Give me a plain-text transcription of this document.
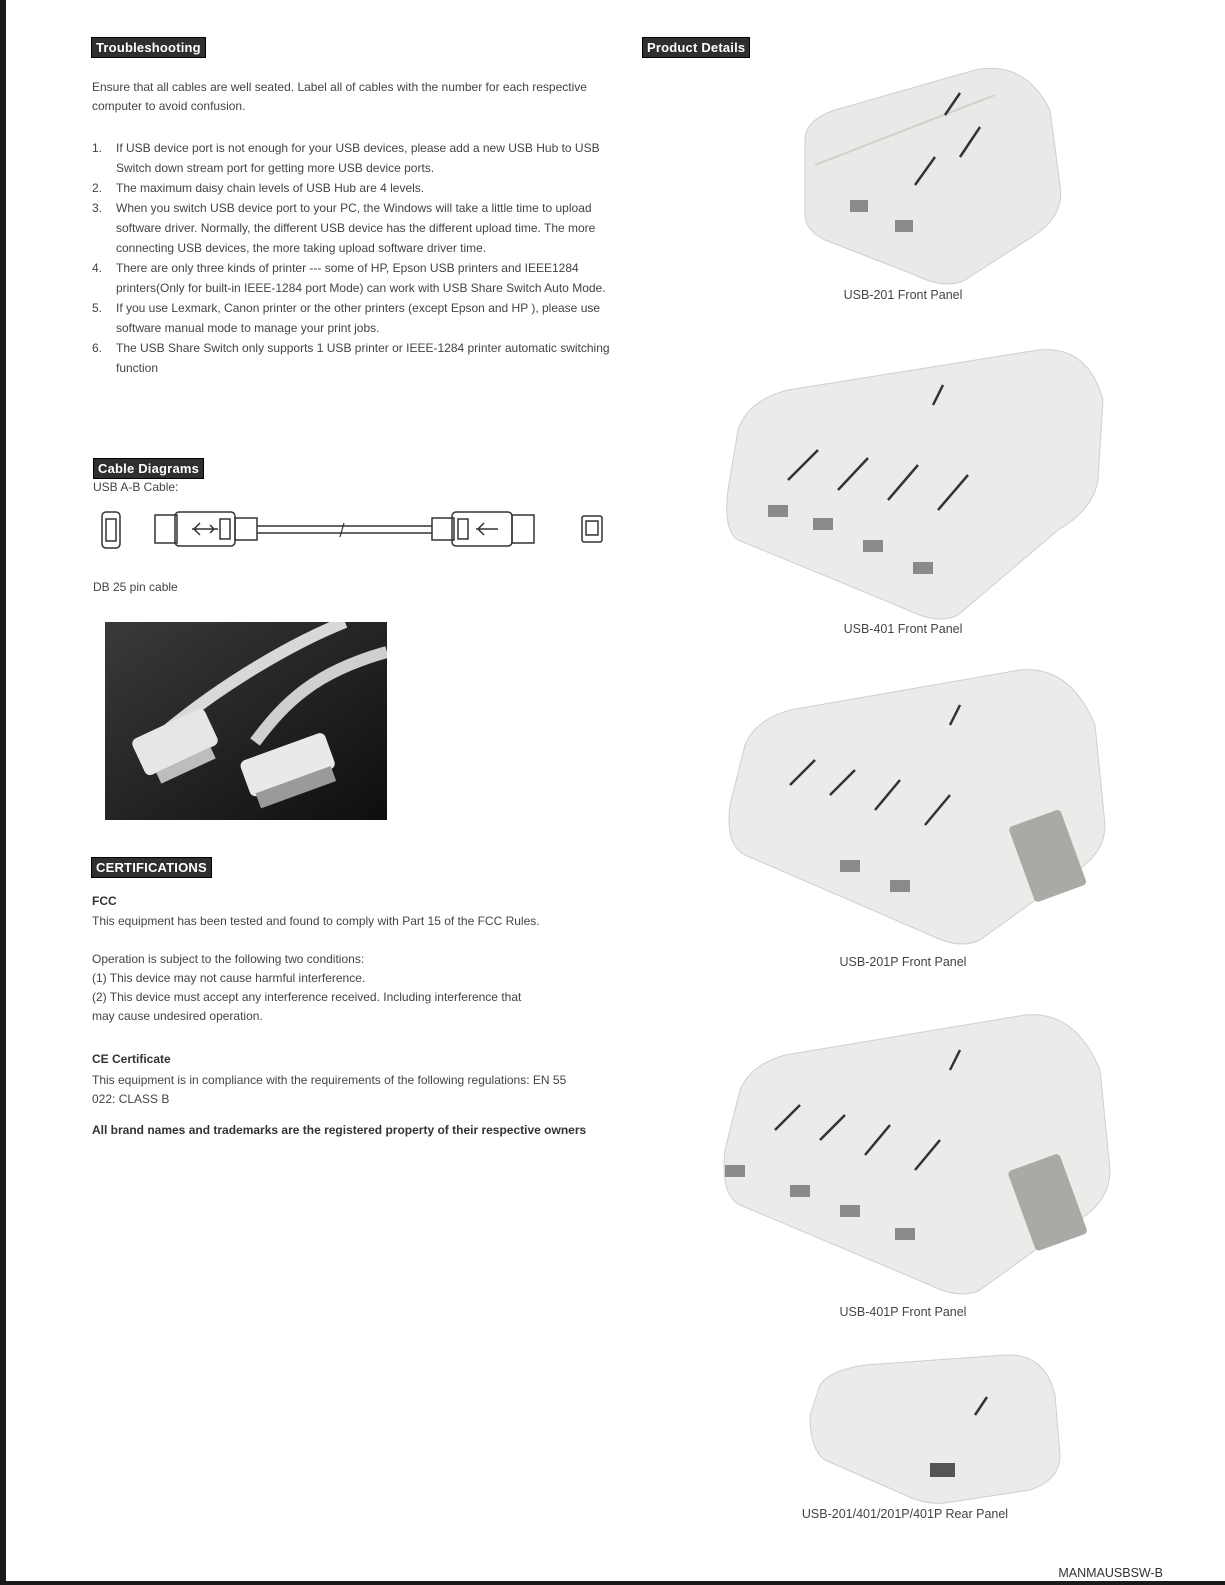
Troubleshooting
Ensure that all cables are well seated. Label all of cables with the number for each respective computer to avoid confusion.
1. If USB device port is not enough for your USB devices, please add a new USB Hub to USB Switch down stream port for getting more USB device ports.
2. The maximum daisy chain levels of USB Hub are 4 levels.
3. When you switch USB device port to your PC, the Windows will take a little time to upload software driver. Normally, the different USB device has the different upload time. The more connecting USB devices, the more taking upload software driver time.
4. There are only three kinds of printer --- some of HP, Epson USB printers and IEEE1284 printers(Only for built-in IEEE-1284 port Mode) can work with USB Share Switch Auto Mode.
5. If you use Lexmark, Canon printer or the other printers (except Epson and HP ), please use software manual mode to manage your print jobs.
6. The USB Share Switch only supports 1 USB printer or IEEE-1284 printer automatic switching function
Cable Diagrams
USB A-B Cable:
DB 25 pin cable
CERTIFICATIONS
FCC
This equipment has been tested and found to comply with Part 15 of the FCC Rules.
Operation is subject to the following two conditions:
(1) This device may not cause harmful interference.
(2) This device must accept any interference received. Including interference that may cause undesired operation.
CE Certificate
This equipment is in compliance with the requirements of the following regulations: EN 55 022: CLASS B
All brand names and trademarks are the registered property of their respective owners
Product Details
USB-201 Front Panel
USB-401 Front Panel
USB-201P Front Panel
USB-401P Front Panel
USB-201/401/201P/401P Rear Panel
MANMAUSBSW-B
